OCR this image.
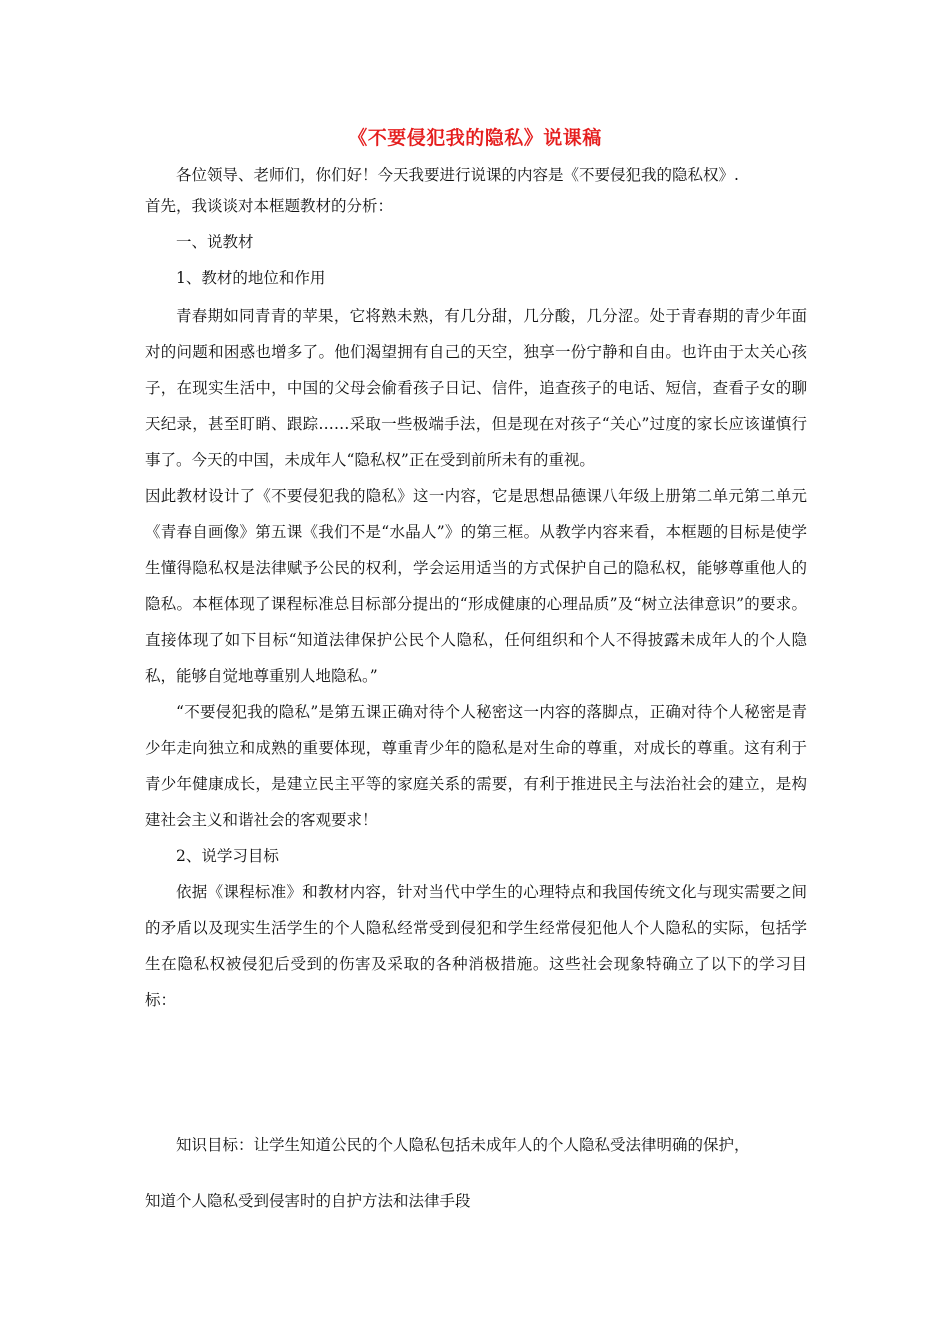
《不要侵犯我的隐私》说课稿

各位领导、老师们，你们好！今天我要进行说课的内容是《不要侵犯我的隐私权》.

首先，我谈谈对本框题教材的分析：

一、说教材

1、教材的地位和作用

青春期如同青青的苹果，它将熟未熟，有几分甜，几分酸，几分涩。处于青春期的青少年面对的问题和困惑也增多了。他们渴望拥有自己的天空，独享一份宁静和自由。也许由于太关心孩子，在现实生活中，中国的父母会偷看孩子日记、信件，追查孩子的电话、短信，查看子女的聊天纪录，甚至盯睄、跟踪……采取一些极端手法，但是现在对孩子“关心”过度的家长应该谨慎行事了。今天的中国，未成年人“隐私权”正在受到前所未有的重视。

因此教材设计了《不要侵犯我的隐私》这一内容，它是思想品德课八年级上册第二单元第二单元《青春自画像》第五课《我们不是“水晶人”》的第三框。从教学内容来看，本框题的目标是使学生懂得隐私权是法律赋予公民的权利，学会运用适当的方式保护自己的隐私权，能够尊重他人的隐私。本框体现了课程标准总目标部分提出的“形成健康的心理品质”及“树立法律意识”的要求。直接体现了如下目标“知道法律保护公民个人隐私，任何组织和个人不得披露未成年人的个人隐私，能够自觉地尊重别人地隐私。”

“不要侵犯我的隐私”是第五课正确对待个人秘密这一内容的落脚点，正确对待个人秘密是青少年走向独立和成熟的重要体现，尊重青少年的隐私是对生命的尊重，对成长的尊重。这有利于青少年健康成长，是建立民主平等的家庭关系的需要，有利于推进民主与法治社会的建立，是构建社会主义和谐社会的客观要求！

2、说学习目标

依据《课程标准》和教材内容，针对当代中学生的心理特点和我国传统文化与现实需要之间的矛盾以及现实生活学生的个人隐私经常受到侵犯和学生经常侵犯他人个人隐私的实际，包括学生在隐私权被侵犯后受到的伤害及采取的各种消极措施。这些社会现象特确立了以下的学习目标：

知识目标：让学生知道公民的个人隐私包括未成年人的个人隐私受法律明确的保护，

知道个人隐私受到侵害时的自护方法和法律手段
